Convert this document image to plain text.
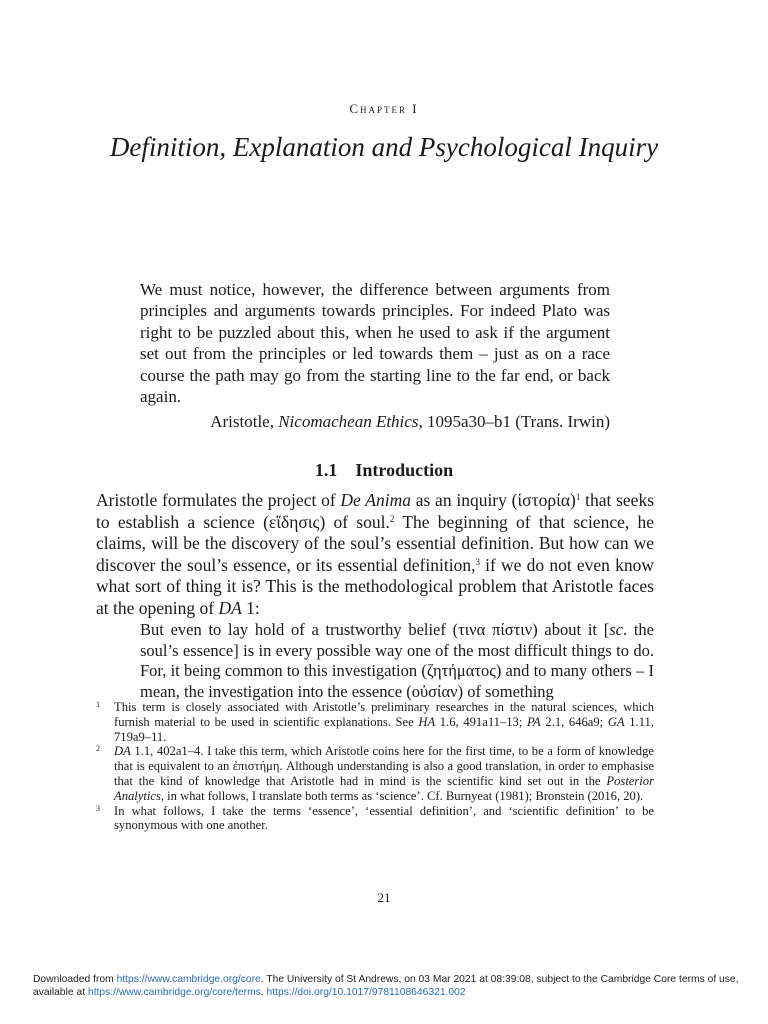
Chapter I
Definition, Explanation and Psychological Inquiry
We must notice, however, the difference between arguments from principles and arguments towards principles. For indeed Plato was right to be puzzled about this, when he used to ask if the argument set out from the principles or led towards them – just as on a race course the path may go from the starting line to the far end, or back again.
Aristotle, Nicomachean Ethics, 1095a30–b1 (Trans. Irwin)
1.1 Introduction
Aristotle formulates the project of De Anima as an inquiry (ἱστορία)$^1$ that seeks to establish a science (εἴδησις) of soul.$^2$ The beginning of that science, he claims, will be the discovery of the soul’s essential definition. But how can we discover the soul’s essence, or its essential definition,$^3$ if we do not even know what sort of thing it is? This is the methodological problem that Aristotle faces at the opening of DA 1:
But even to lay hold of a trustworthy belief (τινα πίστιν) about it [sc. the soul’s essence] is in every possible way one of the most difficult things to do. For, it being common to this investigation (ζητήματος) and to many others – I mean, the investigation into the essence (οὐσίαν) of something
1 This term is closely associated with Aristotle’s preliminary researches in the natural sciences, which furnish material to be used in scientific explanations. See HA 1.6, 491a11–13; PA 2.1, 646a9; GA 1.11, 719a9–11.
2 DA 1.1, 402a1–4. I take this term, which Aristotle coins here for the first time, to be a form of knowledge that is equivalent to an ἐπιστήμη. Although understanding is also a good translation, in order to emphasise that the kind of knowledge that Aristotle had in mind is the scientific kind set out in the Posterior Analytics, in what follows, I translate both terms as ‘science’. Cf. Burnyeat (1981); Bronstein (2016, 20).
3 In what follows, I take the terms ‘essence’, ‘essential definition’, and ‘scientific definition’ to be synonymous with one another.
21
Downloaded from https://www.cambridge.org/core. The University of St Andrews, on 03 Mar 2021 at 08:39:08, subject to the Cambridge Core terms of use, available at https://www.cambridge.org/core/terms. https://doi.org/10.1017/9781108646321.002
